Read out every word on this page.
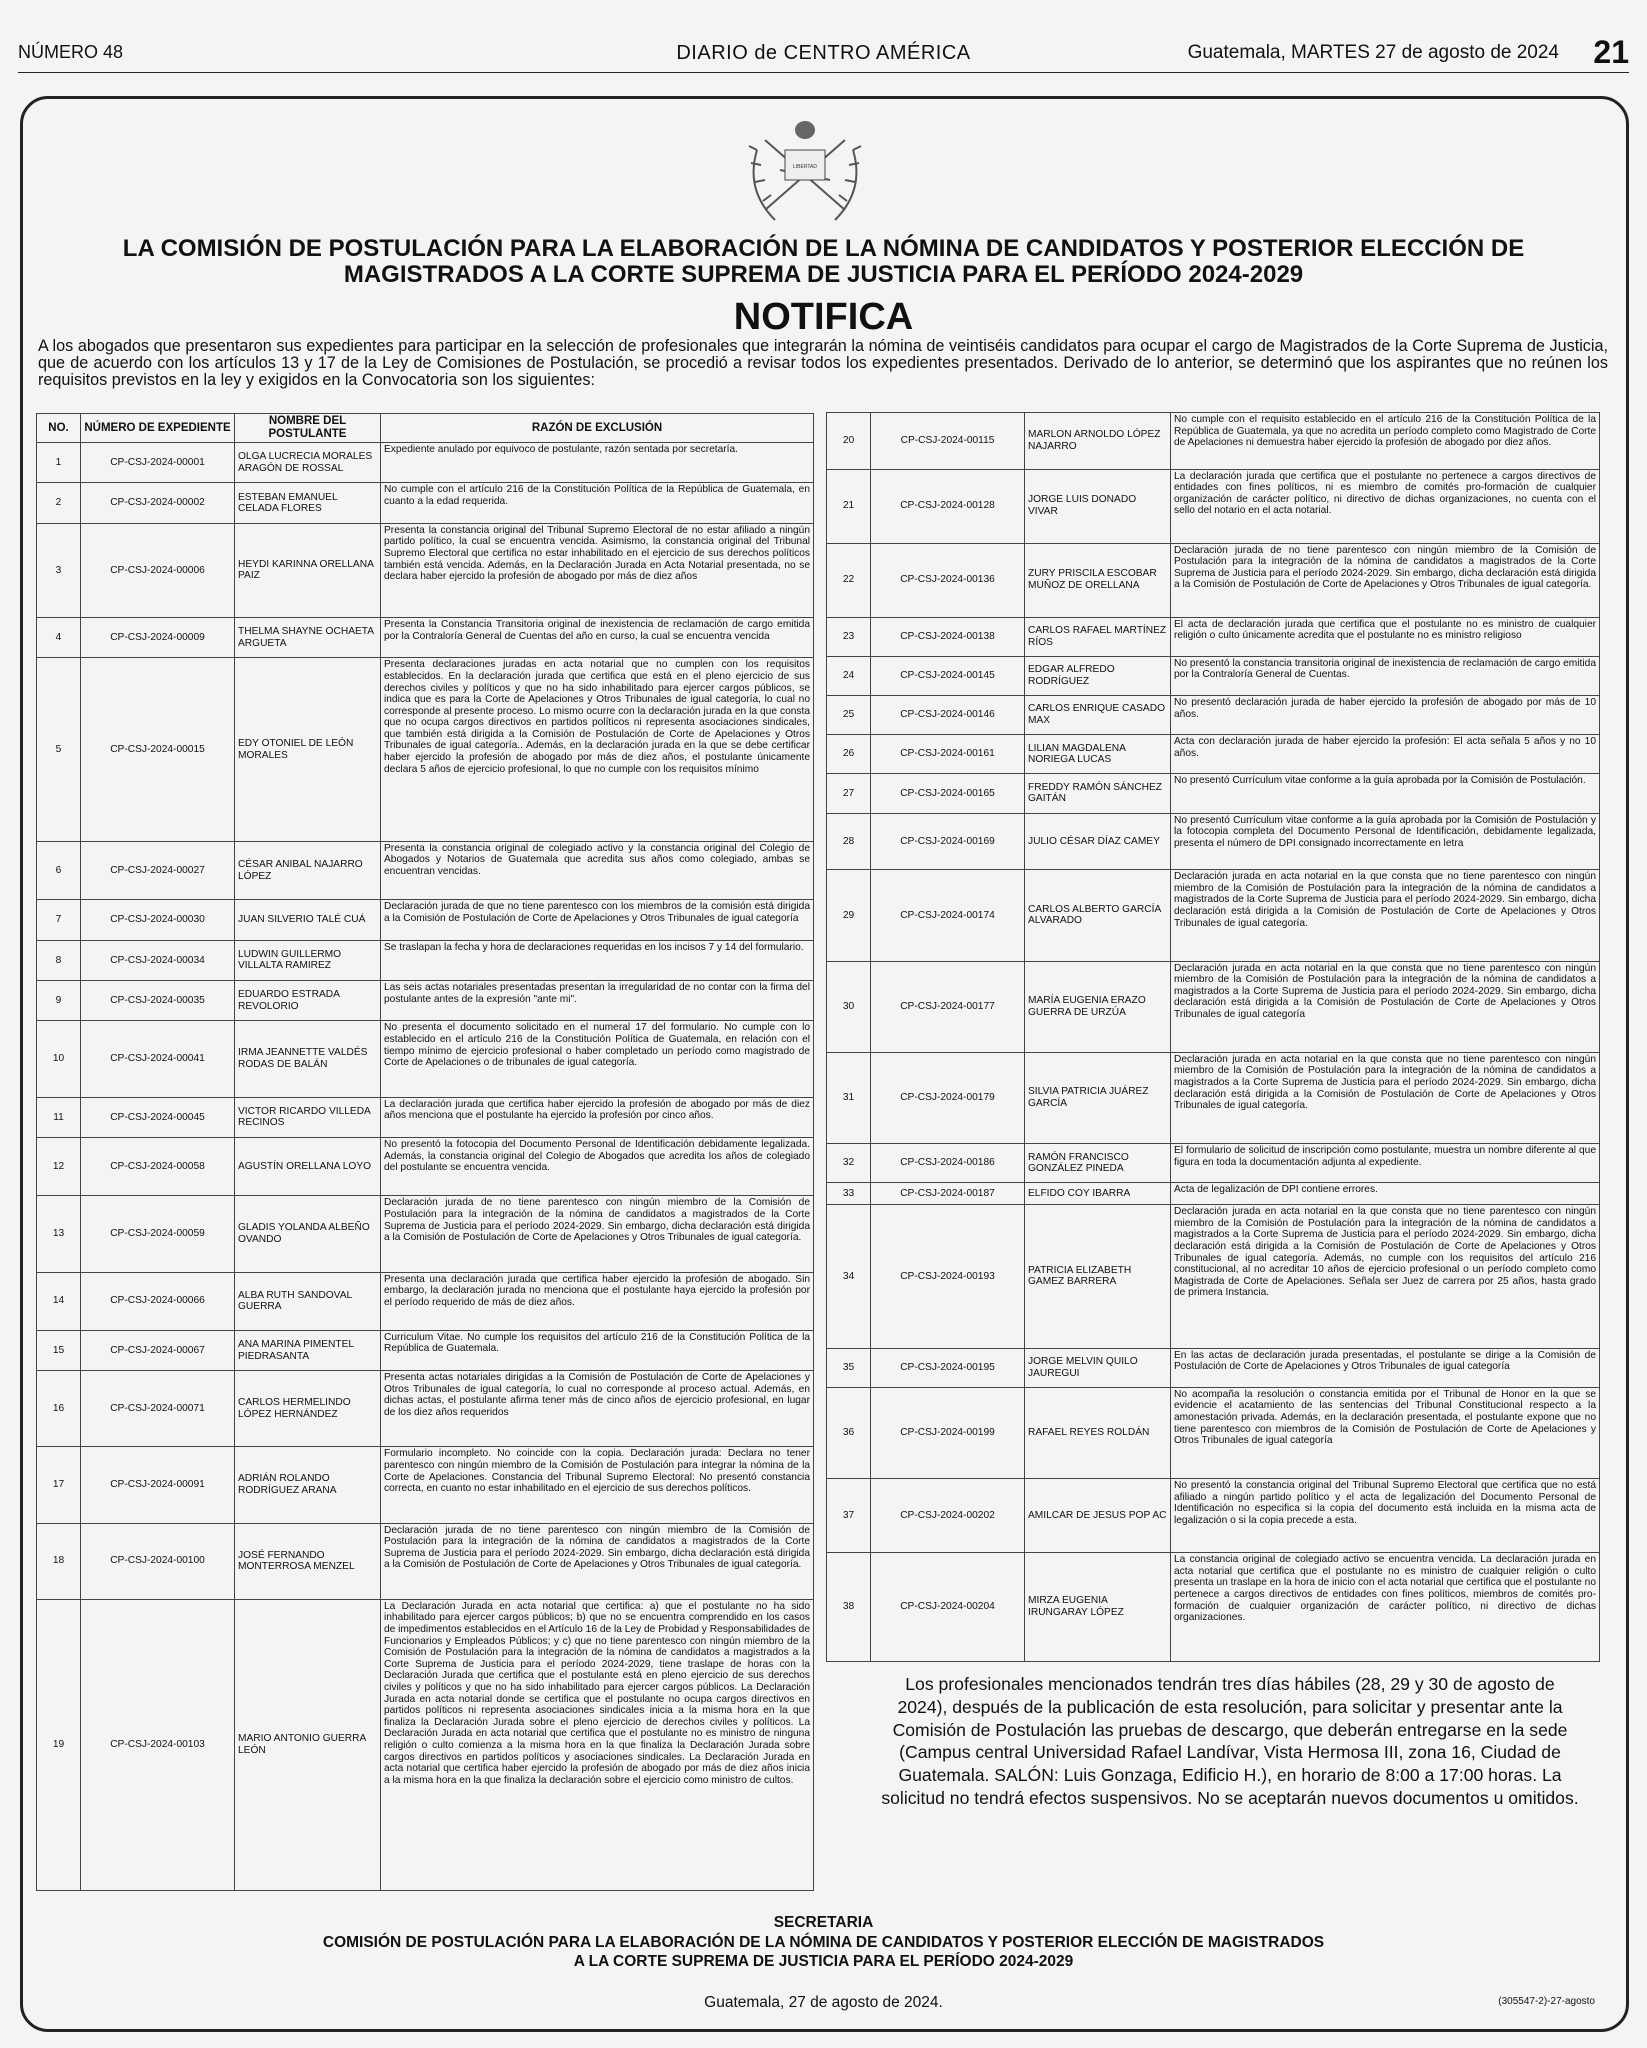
NÚMERO 48	DIARIO de CENTRO AMÉRICA	Guatemala, MARTES 27 de agosto de 2024 21
LIBERTAD
LA COMISIÓN DE POSTULACIÓN PARA LA ELABORACIÓN DE LA NÓMINA DE CANDIDATOS Y POSTERIOR ELECCIÓN DE
MAGISTRADOS A LA CORTE SUPREMA DE JUSTICIA PARA EL PERÍODO 2024-2029
NOTIFICA
A los abogados que presentaron sus expedientes para participar en la selección de profesionales que integrarán la nómina de veintiséis candidatos para ocupar el cargo de Magistrados de la Corte Suprema de Justicia, que de acuerdo con los artículos 13 y 17 de la Ley de Comisiones de Postulación, se procedió a revisar todos los expedientes presentados. Derivado de lo anterior, se determinó que los aspirantes que no reúnen los requisitos previstos en la ley y exigidos en la Convocatoria son los siguientes:
NO.	NÚMERO DE EXPEDIENTE	NOMBRE DEL POSTULANTE	RAZÓN DE EXCLUSIÓN
1	CP-CSJ-2024-00001	OLGA LUCRECIA MORALES ARAGÓN DE ROSSAL	Expediente anulado por equivoco de postulante, razón sentada por secretaría.
2	CP-CSJ-2024-00002	ESTEBAN EMANUEL CELADA FLORES	No cumple con el artículo 216 de la Constitución Política de la República de Guatemala, en cuanto a la edad requerida.
3	CP-CSJ-2024-00006	HEYDI KARINNA ORELLANA PAIZ	Presenta la constancia original del Tribunal Supremo Electoral de no estar afiliado a ningún partido político, la cual se encuentra vencida. Asimismo, la constancia original del Tribunal Supremo Electoral que certifica no estar inhabilitado en el ejercicio de sus derechos políticos también está vencida. Además, en la Declaración Jurada en Acta Notarial presentada, no se declara haber ejercido la profesión de abogado por más de diez años
4	CP-CSJ-2024-00009	THELMA SHAYNE OCHAETA ARGUETA	Presenta la Constancia Transitoria original de inexistencia de reclamación de cargo emitida por la Contraloría General de Cuentas del año en curso, la cual se encuentra vencida
5	CP-CSJ-2024-00015	EDY OTONIEL DE LEÓN MORALES	Presenta declaraciones juradas en acta notarial que no cumplen con los requisitos establecidos. En la declaración jurada que certifica que está en el pleno ejercicio de sus derechos civiles y políticos y que no ha sido inhabilitado para ejercer cargos públicos, se indica que es para la Corte de Apelaciones y Otros Tribunales de igual categoría, lo cual no corresponde al presente proceso. Lo mismo ocurre con la declaración jurada en la que consta que no ocupa cargos directivos en partidos políticos ni representa asociaciones sindicales, que también está dirigida a la Comisión de Postulación de Corte de Apelaciones y Otros Tribunales de igual categoría.. Además, en la declaración jurada en la que se debe certificar haber ejercido la profesión de abogado por más de diez años, el postulante únicamente declara 5 años de ejercicio profesional, lo que no cumple con los requisitos mínimo
6	CP-CSJ-2024-00027	CÉSAR ANIBAL NAJARRO LÓPEZ	Presenta la constancia original de colegiado activo y la constancia original del Colegio de Abogados y Notarios de Guatemala que acredita sus años como colegiado, ambas se encuentran vencidas.
7	CP-CSJ-2024-00030	JUAN SILVERIO TALÉ CUÁ	Declaración jurada de que no tiene parentesco con los miembros de la comisión está dirigida a la Comisión de Postulación de Corte de Apelaciones y Otros Tribunales de igual categoría
8	CP-CSJ-2024-00034	LUDWIN GUILLERMO VILLALTA RAMIREZ	Se traslapan la fecha y hora de declaraciones requeridas en los incisos 7 y 14 del formulario.
9	CP-CSJ-2024-00035	EDUARDO ESTRADA REVOLORIO	Las seis actas notariales presentadas presentan la irregularidad de no contar con la firma del postulante antes de la expresión "ante mi".
10	CP-CSJ-2024-00041	IRMA JEANNETTE VALDÉS RODAS DE BALÁN	No presenta el documento solicitado en el numeral 17 del formulario. No cumple con lo establecido en el artículo 216 de la Constitución Política de Guatemala, en relación con el tiempo mínimo de ejercicio profesional o haber completado un período como magistrado de Corte de Apelaciones o de tribunales de igual categoría.
11	CP-CSJ-2024-00045	VICTOR RICARDO VILLEDA RECINOS	La declaración jurada que certifica haber ejercido la profesión de abogado por más de diez años menciona que el postulante ha ejercido la profesión por cinco años.
12	CP-CSJ-2024-00058	AGUSTÍN ORELLANA LOYO	No presentó la fotocopia del Documento Personal de Identificación debidamente legalizada. Además, la constancia original del Colegio de Abogados que acredita los años de colegiado del postulante se encuentra vencida.
13	CP-CSJ-2024-00059	GLADIS YOLANDA ALBEÑO OVANDO	Declaración jurada de no tiene parentesco con ningún miembro de la Comisión de Postulación para la integración de la nómina de candidatos a magistrados de la Corte Suprema de Justicia para el período 2024-2029. Sin embargo, dicha declaración está dirigida a la Comisión de Postulación de Corte de Apelaciones y Otros Tribunales de igual categoría.
14	CP-CSJ-2024-00066	ALBA RUTH SANDOVAL GUERRA	Presenta una declaración jurada que certifica haber ejercido la profesión de abogado. Sin embargo, la declaración jurada no menciona que el postulante haya ejercido la profesión por el período requerido de más de diez años.
15	CP-CSJ-2024-00067	ANA MARINA PIMENTEL PIEDRASANTA	Curriculum Vitae. No cumple los requisitos del artículo 216 de la Constitución Política de la República de Guatemala.
16	CP-CSJ-2024-00071	CARLOS HERMELINDO LÓPEZ HERNÁNDEZ	Presenta actas notariales dirigidas a la Comisión de Postulación de Corte de Apelaciones y Otros Tribunales de igual categoría, lo cual no corresponde al proceso actual. Además, en dichas actas, el postulante afirma tener más de cinco años de ejercicio profesional, en lugar de los diez años requeridos
17	CP-CSJ-2024-00091	ADRIÁN ROLANDO RODRÍGUEZ ARANA	Formulario incompleto. No coincide con la copia. Declaración jurada: Declara no tener parentesco con ningún miembro de la Comisión de Postulación para integrar la nómina de la Corte de Apelaciones. Constancia del Tribunal Supremo Electoral: No presentó constancia correcta, en cuanto no estar inhabilitado en el ejercicio de sus derechos políticos.
18	CP-CSJ-2024-00100	JOSÉ FERNANDO MONTERROSA MENZEL	Declaración jurada de no tiene parentesco con ningún miembro de la Comisión de Postulación para la integración de la nómina de candidatos a magistrados de la Corte Suprema de Justicia para el período 2024-2029. Sin embargo, dicha declaración está dirigida a la Comisión de Postulación de Corte de Apelaciones y Otros Tribunales de igual categoría.
19	CP-CSJ-2024-00103	MARIO ANTONIO GUERRA LEÓN	La Declaración Jurada en acta notarial que certifica: a) que el postulante no ha sido inhabilitado para ejercer cargos públicos; b) que no se encuentra comprendido en los casos de impedimentos establecidos en el Artículo 16 de la Ley de Probidad y Responsabilidades de Funcionarios y Empleados Públicos; y c) que no tiene parentesco con ningún miembro de la Comisión de Postulación para la integración de la nómina de candidatos a magistrados a la Corte Suprema de Justicia para el período 2024-2029, tiene traslape de horas con la Declaración Jurada que certifica que el postulante está en pleno ejercicio de sus derechos civiles y políticos y que no ha sido inhabilitado para ejercer cargos públicos. La Declaración Jurada en acta notarial donde se certifica que el postulante no ocupa cargos directivos en partidos políticos ni representa asociaciones sindicales inicia a la misma hora en la que finaliza la Declaración Jurada sobre el pleno ejercicio de derechos civiles y políticos. La Declaración Jurada en acta notarial que certifica que el postulante no es ministro de ninguna religión o culto comienza a la misma hora en la que finaliza la Declaración Jurada sobre cargos directivos en partidos políticos y asociaciones sindicales. La Declaración Jurada en acta notarial que certifica haber ejercido la profesión de abogado por más de diez años inicia a la misma hora en la que finaliza la declaración sobre el ejercicio como ministro de cultos.
20	CP-CSJ-2024-00115	MARLON ARNOLDO LÓPEZ NAJARRO	No cumple con el requisito establecido en el artículo 216 de la Constitución Política de la República de Guatemala, ya que no acredita un período completo como Magistrado de Corte de Apelaciones ni demuestra haber ejercido la profesión de abogado por diez años.
21	CP-CSJ-2024-00128	JORGE LUIS DONADO VIVAR	La declaración jurada que certifica que el postulante no pertenece a cargos directivos de entidades con fines políticos, ni es miembro de comités pro-formación de cualquier organización de carácter político, ni directivo de dichas organizaciones, no cuenta con el sello del notario en el acta notarial.
22	CP-CSJ-2024-00136	ZURY PRISCILA ESCOBAR MUÑOZ DE ORELLANA	Declaración jurada de no tiene parentesco con ningún miembro de la Comisión de Postulación para la integración de la nómina de candidatos a magistrados de la Corte Suprema de Justicia para el período 2024-2029. Sin embargo, dicha declaración está dirigida a la Comisión de Postulación de Corte de Apelaciones y Otros Tribunales de igual categoría.
23	CP-CSJ-2024-00138	CARLOS RAFAEL MARTÍNEZ RÍOS	El acta de declaración jurada que certifica que el postulante no es ministro de cualquier religión o culto únicamente acredita que el postulante no es ministro religioso
24	CP-CSJ-2024-00145	EDGAR ALFREDO RODRÍGUEZ	No presentó la constancia transitoria original de inexistencia de reclamación de cargo emitida por la Contraloría General de Cuentas.
25	CP-CSJ-2024-00146	CARLOS ENRIQUE CASADO MAX	No presentó declaración jurada de haber ejercido la profesión de abogado por más de 10 años.
26	CP-CSJ-2024-00161	LILIAN MAGDALENA NORIEGA LUCAS	Acta con declaración jurada de haber ejercido la profesión: El acta señala 5 años y no 10 años.
27	CP-CSJ-2024-00165	FREDDY RAMÓN SÁNCHEZ GAITÁN	No presentó Currículum vitae conforme a la guía aprobada por la Comisión de Postulación.
28	CP-CSJ-2024-00169	JULIO CÉSAR DÍAZ CAMEY	No presentó Currículum vitae conforme a la guía aprobada por la Comisión de Postulación y la fotocopia completa del Documento Personal de Identificación, debidamente legalizada, presenta el número de DPI consignado incorrectamente en letra
29	CP-CSJ-2024-00174	CARLOS ALBERTO GARCÍA ALVARADO	Declaración jurada en acta notarial en la que consta que no tiene parentesco con ningún miembro de la Comisión de Postulación para la integración de la nómina de candidatos a magistrados de la Corte Suprema de Justicia para el período 2024-2029. Sin embargo, dicha declaración está dirigida a la Comisión de Postulación de Corte de Apelaciones y Otros Tribunales de igual categoría.
30	CP-CSJ-2024-00177	MARÍA EUGENIA ERAZO GUERRA DE URZÚA	Declaración jurada en acta notarial en la que consta que no tiene parentesco con ningún miembro de la Comisión de Postulación para la integración de la nómina de candidatos a magistrados a la Corte Suprema de Justicia para el período 2024-2029. Sin embargo, dicha declaración está dirigida a la Comisión de Postulación de Corte de Apelaciones y Otros Tribunales de igual categoría
31	CP-CSJ-2024-00179	SILVIA PATRICIA JUÁREZ GARCÍA	Declaración jurada en acta notarial en la que consta que no tiene parentesco con ningún miembro de la Comisión de Postulación para la integración de la nómina de candidatos a magistrados a la Corte Suprema de Justicia para el período 2024-2029. Sin embargo, dicha declaración está dirigida a la Comisión de Postulación de Corte de Apelaciones y Otros Tribunales de igual categoría.
32	CP-CSJ-2024-00186	RAMÓN FRANCISCO GONZÁLEZ PINEDA	El formulario de solicitud de inscripción como postulante, muestra un nombre diferente al que figura en toda la documentación adjunta al expediente.
33	CP-CSJ-2024-00187	ELFIDO COY IBARRA	Acta de legalización de DPI contiene errores.
34	CP-CSJ-2024-00193	PATRICIA ELIZABETH GAMEZ BARRERA	Declaración jurada en acta notarial en la que consta que no tiene parentesco con ningún miembro de la Comisión de Postulación para la integración de la nómina de candidatos a magistrados a la Corte Suprema de Justicia para el período 2024-2029. Sin embargo, dicha declaración está dirigida a la Comisión de Postulación de Corte de Apelaciones y Otros Tribunales de igual categoría. Además, no cumple con los requisitos del artículo 216 constitucional, al no acreditar 10 años de ejercicio profesional o un período completo como Magistrada de Corte de Apelaciones. Señala ser Juez de carrera por 25 años, hasta grado de primera Instancia.
35	CP-CSJ-2024-00195	JORGE MELVIN QUILO JAUREGUI	En las actas de declaración jurada presentadas, el postulante se dirige a la Comisión de Postulación de Corte de Apelaciones y Otros Tribunales de igual categoría
36	CP-CSJ-2024-00199	RAFAEL REYES ROLDÁN	No acompaña la resolución o constancia emitida por el Tribunal de Honor en la que se evidencie el acatamiento de las sentencias del Tribunal Constitucional respecto a la amonestación privada. Además, en la declaración presentada, el postulante expone que no tiene parentesco con miembros de la Comisión de Postulación de Corte de Apelaciones y Otros Tribunales de igual categoría
37	CP-CSJ-2024-00202	AMILCAR DE JESUS POP AC	No presentó la constancia original del Tribunal Supremo Electoral que certifica que no está afiliado a ningún partido político y el acta de legalización del Documento Personal de Identificación no especifica si la copia del documento está incluida en la misma acta de legalización o si la copia precede a esta.
38	CP-CSJ-2024-00204	MIRZA EUGENIA IRUNGARAY LÓPEZ	La constancia original de colegiado activo se encuentra vencida. La declaración jurada en acta notarial que certifica que el postulante no es ministro de cualquier religión o culto presenta un traslape en la hora de inicio con el acta notarial que certifica que el postulante no pertenece a cargos directivos de entidades con fines políticos, miembros de comités pro-formación de cualquier organización de carácter político, ni directivo de dichas organizaciones.
Los profesionales mencionados tendrán tres días hábiles (28, 29 y 30 de agosto de 2024), después de la publicación de esta resolución, para solicitar y presentar ante la Comisión de Postulación las pruebas de descargo, que deberán entregarse en la sede (Campus central Universidad Rafael Landívar, Vista Hermosa III, zona 16, Ciudad de Guatemala. SALÓN: Luis Gonzaga, Edificio H.), en horario de 8:00 a 17:00 horas. La solicitud no tendrá efectos suspensivos. No se aceptarán nuevos documentos u omitidos.
SECRETARIA
COMISIÓN DE POSTULACIÓN PARA LA ELABORACIÓN DE LA NÓMINA DE CANDIDATOS Y POSTERIOR ELECCIÓN DE MAGISTRADOS
A LA CORTE SUPREMA DE JUSTICIA PARA EL PERÍODO 2024-2029
Guatemala, 27 de agosto de 2024.	(305547-2)-27-agosto
